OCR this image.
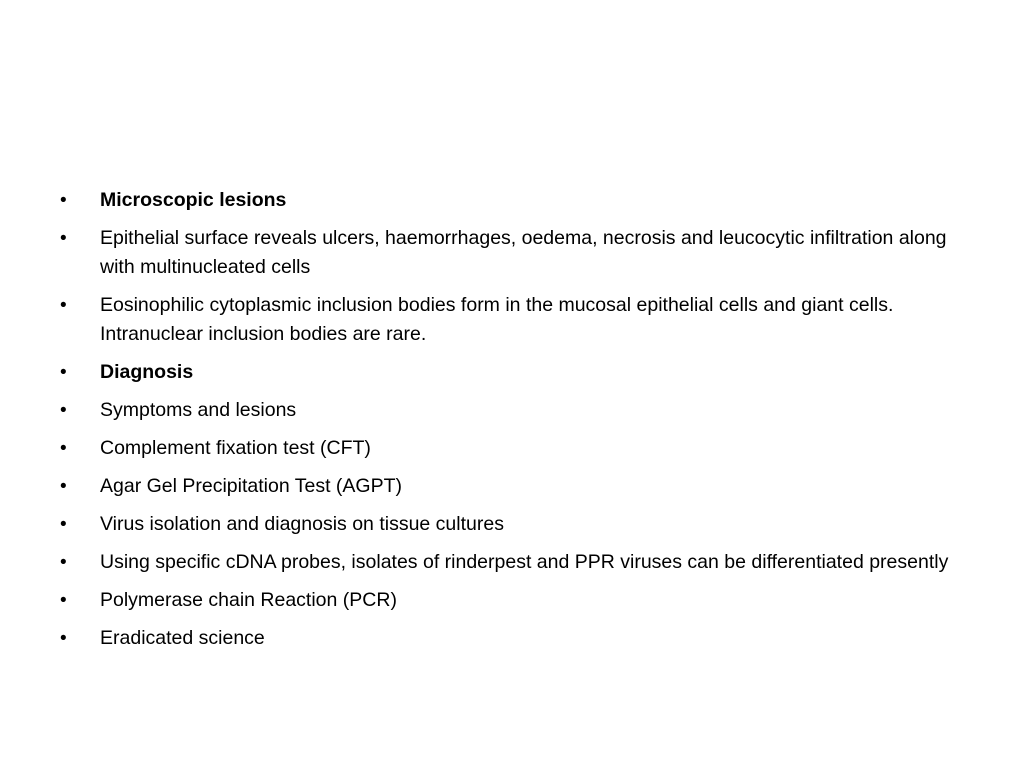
•	Microscopic lesions
•	Epithelial surface reveals ulcers, haemorrhages, oedema, necrosis and leucocytic infiltration along with multinucleated cells
•	Eosinophilic cytoplasmic inclusion bodies form in the mucosal epithelial cells and giant cells. Intranuclear inclusion bodies are rare.
•	Diagnosis
•	Symptoms and lesions
•	Complement fixation test (CFT)
•	Agar Gel Precipitation Test (AGPT)
•	Virus isolation and diagnosis on tissue cultures
•	Using specific cDNA probes, isolates of rinderpest and PPR viruses can be differentiated presently
•	Polymerase chain Reaction (PCR)
•	Eradicated science
